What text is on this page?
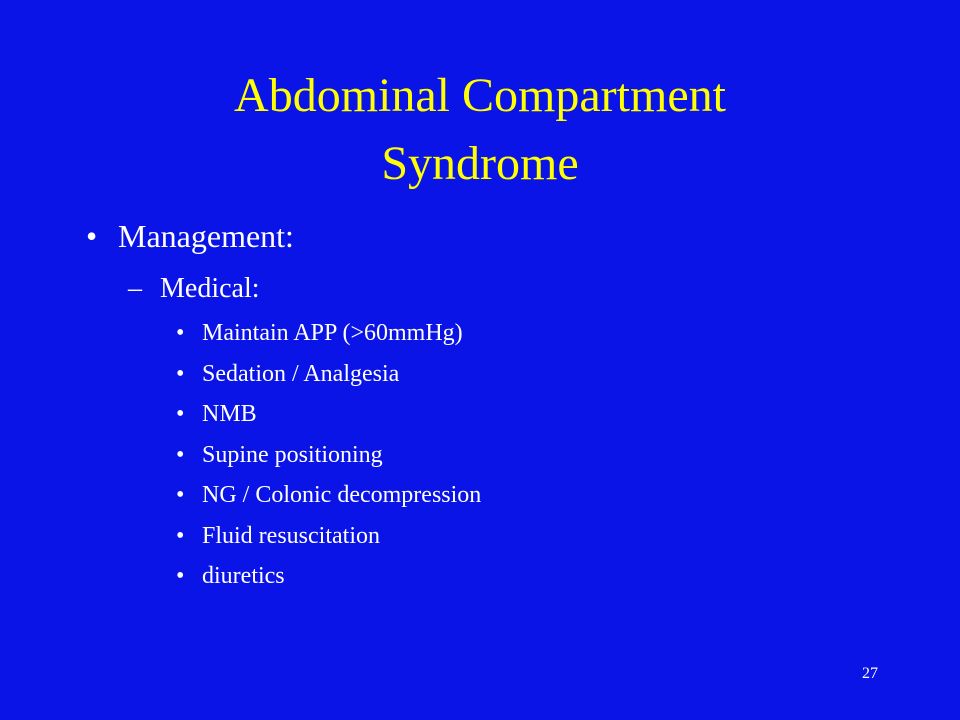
Abdominal Compartment
Syndrome
• Management:
– Medical:
• Maintain APP (>60mmHg)
• Sedation / Analgesia
• NMB
• Supine positioning
• NG / Colonic decompression
• Fluid resuscitation
• diuretics
27
